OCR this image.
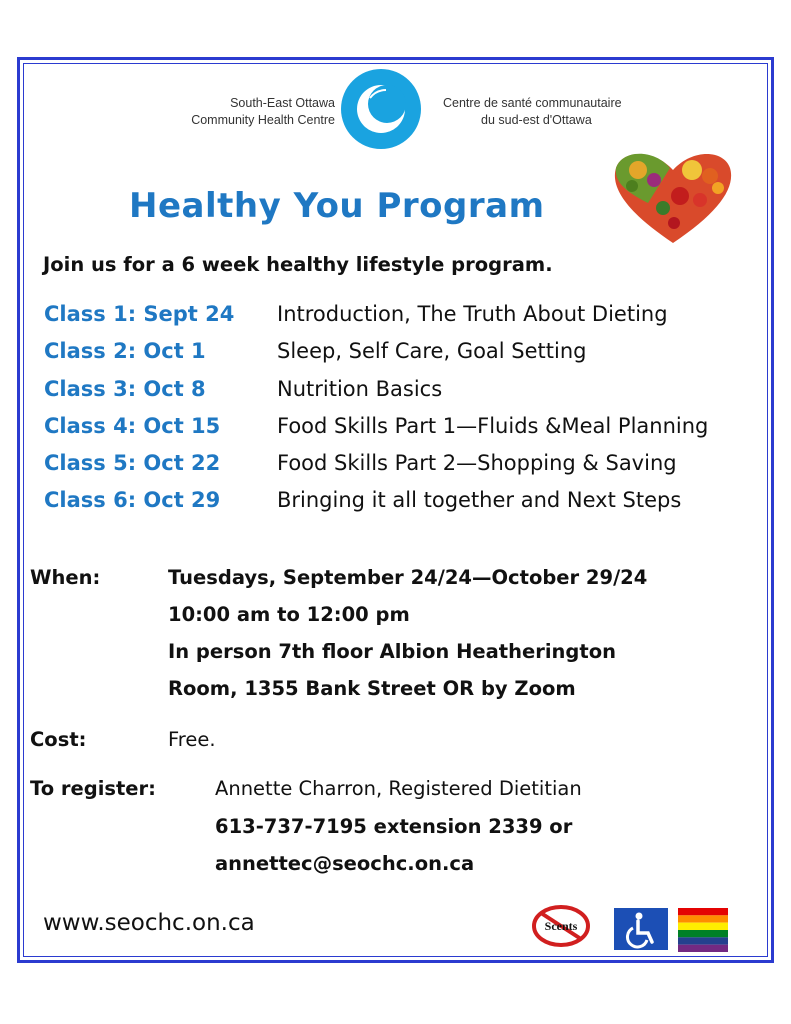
South-East Ottawa
Community Health Centre
Centre de santé communautaire
du sud-est d'Ottawa
Healthy You Program

Join us for a 6 week healthy lifestyle program.

Class 1: Sept 24 Introduction, The Truth About Dieting
Class 2: Oct 1	Sleep, Self Care, Goal Setting
Class 3: Oct 8	Nutrition Basics
Class 4: Oct 15	Food Skills Part 1—Fluids &Meal Planning
Class 5: Oct 22	Food Skills Part 2—Shopping & Saving
Class 6: Oct 29	Bringing it all together and Next Steps
When:	Tuesdays, September 24/24—October 29/24
10:00 am to 12:00 pm
In person 7th floor Albion Heatherington
Room, 1355 Bank Street OR by Zoom
Cost:	Free.
To register:	Annette Charron, Registered Dietitian
613-737-7195 extension 2339 or
annettec@seochc.on.ca
www.seochc.on.ca	Scents
